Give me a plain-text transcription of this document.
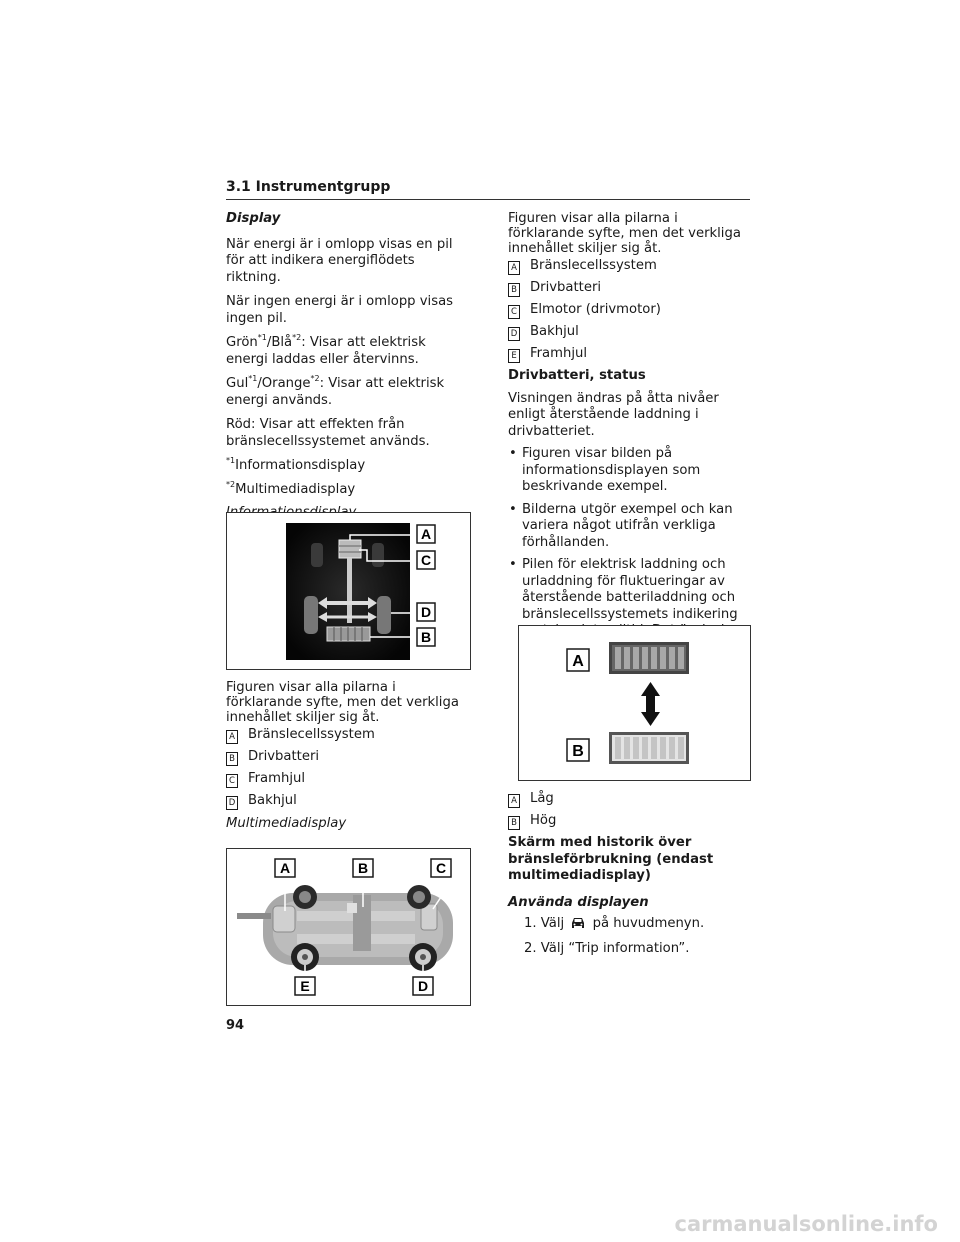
3.1 Instrumentgrupp

Display

När energi är i omlopp visas en pil för att indikera energiflödets riktning.

När ingen energi är i omlopp visas ingen pil.

Grön$^{*1}$/Blå$^{*2}$: Visar att elektrisk energi laddas eller återvinns.

Gul$^{*1}$/Orange$^{*2}$: Visar att elektrisk energi används.

Röd: Visar att effekten från bränslecellssystemet används.

$^{*1}$Informationsdisplay

$^{*2}$Multimediadisplay

A
C
D
B

Figuren visar alla pilarna i förklarande syfte, men det verkliga innehållet skiljer sig åt.

A Bränslecellssystem

B Drivbatteri

C Framhjul

D Bakhjul

Multimediadisplay

A	B	C
E	D

Figuren visar alla pilarna i förklarande syfte, men det verkliga innehållet skiljer sig åt.

A Bränslecellssystem

B Drivbatteri

C Elmotor (drivmotor)

D Bakhjul

E Framhjul

Drivbatteri, status

Visningen ändras på åtta nivåer enligt återstående laddning i drivbatteriet.

• Figuren visar bilden på informationsdisplayen som beskrivande exempel.

• Bilderna utgör exempel och kan variera något utifrån verkliga förhållanden.

• Pilen för elektrisk laddning och urladdning för fluktueringar av återstående batteriladdning och bränslecellssystemets indikering

A
B

A Låg

B Hög

Skärm med historik över bränsleförbrukning (endast multimediadisplay)

Använda displayen

1. Välj på huvudmenyn.

2. Välj “Trip information”.

94
carmanualsonline.info
